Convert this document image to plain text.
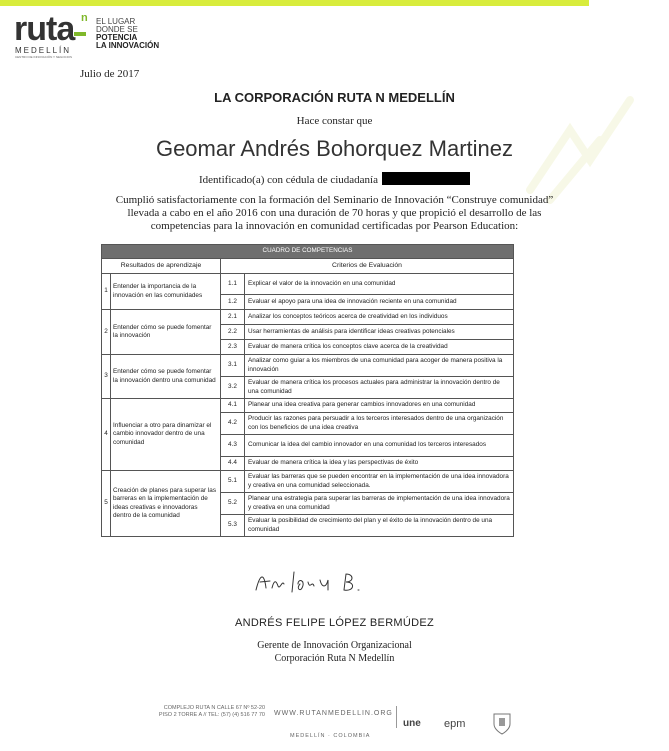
ruta n
MEDELLÍN
CENTRO DE INNOVACIÓN Y NEGOCIOS
EL LUGAR
DONDE SE
POTENCIA
LA INNOVACIÓN
Julio de 2017
LA CORPORACIÓN RUTA N MEDELLÍN
Hace constar que
Geomar Andrés Bohorquez Martinez
Identificado(a) con cédula de ciudadanía
Cumplió satisfactoriamente con la formación del Seminario de Innovación “Construye comunidad”
llevada a cabo en el año 2016 con una duración de 70 horas y que propició el desarrollo de las
competencias para la innovación en comunidad certificadas por Pearson Education:
CUADRO DE COMPETENCIAS			
Resultados de aprendizaje		Criterios de Evaluación	
1	Entender la importancia de la innovación en las comunidades	1.1	Explicar el valor de la innovación en una comunidad
		1.2	Evaluar el apoyo para una idea de innovación reciente en una comunidad
2	Entender cómo se puede fomentar la innovación	2.1	Analizar los conceptos teóricos acerca de creatividad en los individuos
		2.2	Usar herramientas de análisis para identificar ideas creativas potenciales
		2.3	Evaluar de manera crítica los conceptos clave acerca de la creatividad
3	Entender cómo se puede fomentar la innovación dentro una comunidad	3.1	Analizar como guiar a los miembros de una comunidad para acoger de manera positiva la innovación
		3.2	Evaluar de manera crítica los procesos actuales para administrar la innovación dentro de una comunidad
4	Influenciar a otro para dinamizar el cambio innovador dentro de una comunidad	4.1	Planear una idea creativa para generar cambios innovadores en una comunidad
		4.2	Producir las razones para persuadir a los terceros interesados dentro de una organización con los beneficios de una idea creativa
		4.3	Comunicar la idea del cambio innovador en una comunidad los terceros interesados
		4.4	Evaluar de manera crítica la idea y las perspectivas de éxito
5	Creación de planes para superar las barreras en la implementación de ideas creativas e innovadoras dentro de la comunidad	5.1	Evaluar las barreras que se pueden encontrar en la implementación de una idea innovadora y creativa en una comunidad seleccionada.
		5.2	Planear una estrategia para superar las barreras de implementación de una idea innovadora y creativa en una comunidad
		5.3	Evaluar la posibilidad de crecimiento del plan y el éxito de la innovación dentro de una comunidad
ANDRÉS FELIPE LÓPEZ BERMÚDEZ
Gerente de Innovación Organizacional
Corporación Ruta N Medellín
COMPLEJO RUTA N CALLE 67 Nº 52-20
PISO 2 TORRE A // TEL: (57) (4) 516 77 70 WWW.RUTANMEDELLIN.ORG
une epm
MEDELLÍN · COLOMBIA
